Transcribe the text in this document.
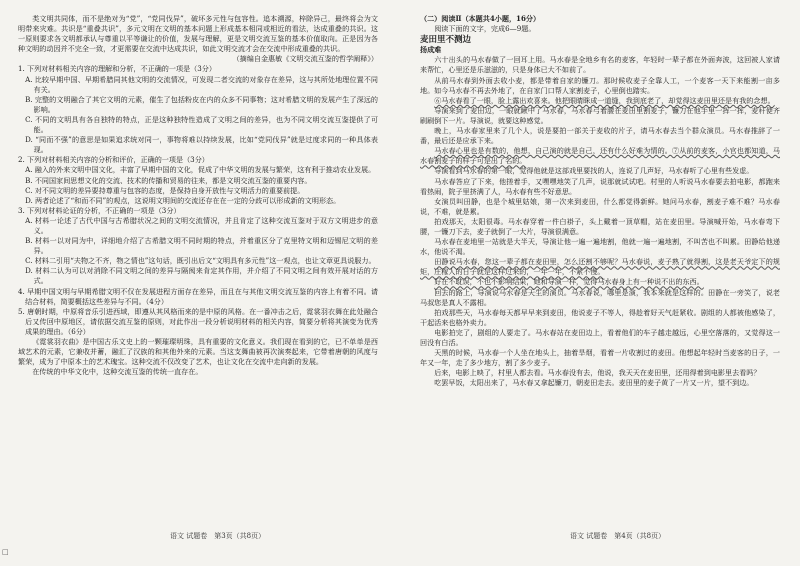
类文明共同体，而不是绝对为“党”，“党同伐异”，破坏多元性与包容性。追本溯源，梓除异己，最终将会为文明带来灾难。共识是“重叠共识”，多元文明在文明的基本问题上形成基本相同或相近的看法，达成重叠的共识。这一原则要求各文明都承认与尊重以平等谦让的价值，发展与理解，更是文明交流互鉴的基本价值取向。正是因为各种文明的动因并不完全一致，才更需要在交流中达成共识，如此文明交流才会在交流中形成重叠的共识。

（摘编自金惠敏《文明交流互鉴的哲学阐释》）

1. 下列对材料相关内容的理解和分析，不正确的一项是（3分）

A. 比较早期中国、早期希腊同其他文明的交流情况，可发现二者交流的对象存在差异，这与其所处地理位置不同有关。

B. 完整的文明融合了其它文明的元素，催生了包括粉皮在内的众多不同事物；这对希腊文明的发展产生了深远的影响。

C. 不同的文明具有各自独特的特点，正是这种独特性造成了文明之间的差异，也为不同文明交流互鉴提供了可能。

D. “同而不强”的意思是如果追求统对同一，事物将难以持续发展，比如“党同伐异”就是过度求同的一种具体表现。

2. 下列对材料相关内容的分析和评价，正确的一项是（3分）

A. 融入的外来文明中国文化，丰富了早期中国的文化，促成了中华文明的发展与繁荣，这有利于推动农业发展。

B. 不同国家间思想文化的交流、技术的传播和贸易的往来，都是文明交流互鉴的重要内容。

C. 对不同文明的差异要持尊重与包容的态度，是保持自身开放性与文明活力的重要前提。

D. 两者论述了“和而不同”的观点，这说明文明间的交流还存在在一定的分歧可以形成新的文明形态。

3. 下列对材料论证的分析，不正确的一项是（3分）

A. 材料一论述了古代中国与古希腊状况之间的文明交流情况，并且肯定了这种交流互鉴对于双方文明进步的意义。

B. 材料一以对同为中，详细地介绍了古希腊文明不同时期的特点，并着重区分了克里特文明和迈锡尼文明的差异。

C. 材料二引用“夫物之不齐，物之情也”这句话，既引出后文“文明具有多元性”这一观点，也让文章更具说服力。

D. 材料二认为可以对消除不同文明之间的差异与隔阂来肯定其作用，并介绍了不同文明之间有效开展对话的方式。

4. 早期中国文明与早期希腊文明不仅在发展进程方面存在差异，而且在与其他文明交流互鉴的内容上有着不同。请结合材料，简要概括这些差异与不同。（4分）

5. 唐朝时期，中原将音乐引进西域，即遵从其风格而来的是中原的风格。在一番冲击之后，霓裳羽衣舞在此处融合后又传回中原地区，请依据交流互鉴的原则，对此作出一段分析说明材料的相关内容，简要分析将其演变为优秀成果的理由。（6分）

《霓裳羽衣曲》是中国古乐文史上的一颗璀璨明珠，具有重要的文化意义。我们现在看到的它，已不单单是西域艺术的元素，它兼收并蓄，融汇了汉族的和其他外来的元素。当这支舞曲被再次演奏起来，它带着唐朝的风度与繁荣，成为了中原本土的艺术瑰宝。这种交流不仅改变了艺术，也让文化在交流中走向新的发展。

在传统的中华文化中，这种交流互鉴的传统一直存在。

（二）阅读Ⅱ（本题共4小题，16分）

阅读下面的文字，完成6—9题。

麦田里不测边

扬成难

六十出头的马水春做了一回耳上用。马水春是全地乡有名的麦客，年轻时一辈子都在外面奔波，这回被人家请来帮忙，心里还是乐滋滋的，只是身体已大不如前了。

从前马水春到外面去收小麦，都是带着自家的镰刀。那时候收麦子全靠人工，一个麦客一天下来能割一亩多地。如今马水春不再去外地了，在自家门口帮人家割麦子，心里倒也踏实。

⑥马水春看了一眼，脸上露出欢喜来。他把眼睛眯成一道缝，我到底老了，却觉得这麦田里还是有我的念想。

导演来到了麦田边，一眼就瞅中了马水春，马水春弓着腰在麦田里割麦子，镰刀在他手里一挥一挥，麦秆便齐刷刷倒下一片。导演说，就要这种感觉。

晚上，马水春家里来了几个人，说是要拍一部关于麦收的片子，请马水春去当个群众演员。马水春推辞了一番，最后还是应承下来。

马水春心里也是有数的，他想，自己演的就是自己，还有什么好难为情的。⑦从前的麦客，小官也都知道，马水春割麦子的样子可是出了名的。

导演看到马水春的第一眼，觉得他就是这部戏里要找的人，连说了几声好，马水春听了心里有些发虚。

马水春答应了下来，他搓着手，又嘿嘿地笑了几声，说那就试试吧。村里的人听说马水春要去拍电影，都跑来看热闹，院子里挤满了人，马水春有些不好意思。

女演员叫田静，也是个城里姑娘，第一次来到麦田，什么都觉得新鲜。她问马水春，割麦子难不难？马水春说，不难，就是累。

拍戏那天，太阳很毒。马水春穿着一件白褂子，头上戴着一顶草帽，站在麦田里。导演喊开始，马水春弯下腰，一镰刀下去，麦子就倒了一大片，导演很满意。

马水春在麦地里一站就是大半天，导演让他一遍一遍地割，他就一遍一遍地割，不叫苦也不叫累。田静给他递水，他说不渴。

田静说马水春，您这一辈子都在麦田里，怎么还割不够呢？马水春说，麦子熟了就得割，这是老天爷定下的规矩，庄稼人的日子就是这样过来的，一年一年，不紧不慢。

好在不耽误，不也不影响结果，她和导演一样，觉得马水春身上有一种说不出的东西。

回去的路上，导演说马水春是天生的演员。马水春说，哪里是演，我本来就是这样的。田静在一旁笑了，说老马叔您是真人不露相。

拍戏那些天，马水春每天都早早来到麦田，他说麦子不等人，得趁着好天气赶紧收。剧组的人都被他感染了，干起活来也格外卖力。

电影拍完了，剧组的人要走了。马水春站在麦田边上，看着他们的车子越走越远，心里空落落的，又觉得这一回没有白活。

天黑的时候，马水春一个人坐在地头上，抽着旱烟，看着一片收割过的麦田。他想起年轻时当麦客的日子，一年又一年，走了多少地方，割了多少麦子。

后来，电影上映了，村里人都去看。马水春没有去，他说，我天天在麦田里，还用得着到电影里去看吗？

吃罢早饭，太阳出来了，马水春又拿起镰刀，朝麦田走去。麦田里的麦子黄了一片又一片，望不到边。

语文 试题卷　第3页（共8页）	语文 试题卷　第4页（共8页）
□
